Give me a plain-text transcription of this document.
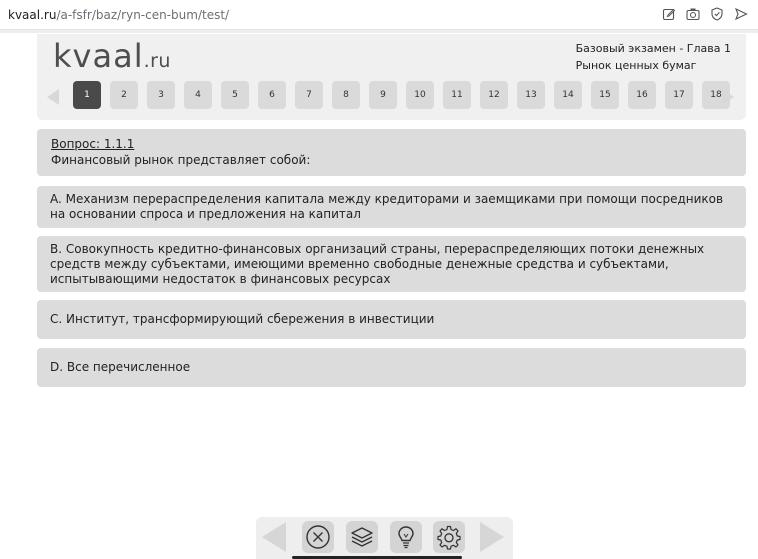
kvaal.ru/a-fsfr/baz/ryn-cen-bum/test/
kvaal.ru
Базовый экзамен - Глава 1
Рынок ценных бумаг
1	2	3	4	5	6	7	8	9	10	11	12	13	14	15	16	17	18
Вопрос: 1.1.1
Финансовый рынок представляет собой:
A. Механизм перераспределения капитала между кредиторами и заемщиками при помощи посредников на основании спроса и предложения на капитал
B. Совокупность кредитно-финансовых организаций страны, перераспределяющих потоки денежных средств между субъектами, имеющими временно свободные денежные средства и субъектами, испытывающими недостаток в финансовых ресурсах
C. Институт, трансформирующий сбережения в инвестиции
D. Все перечисленное
